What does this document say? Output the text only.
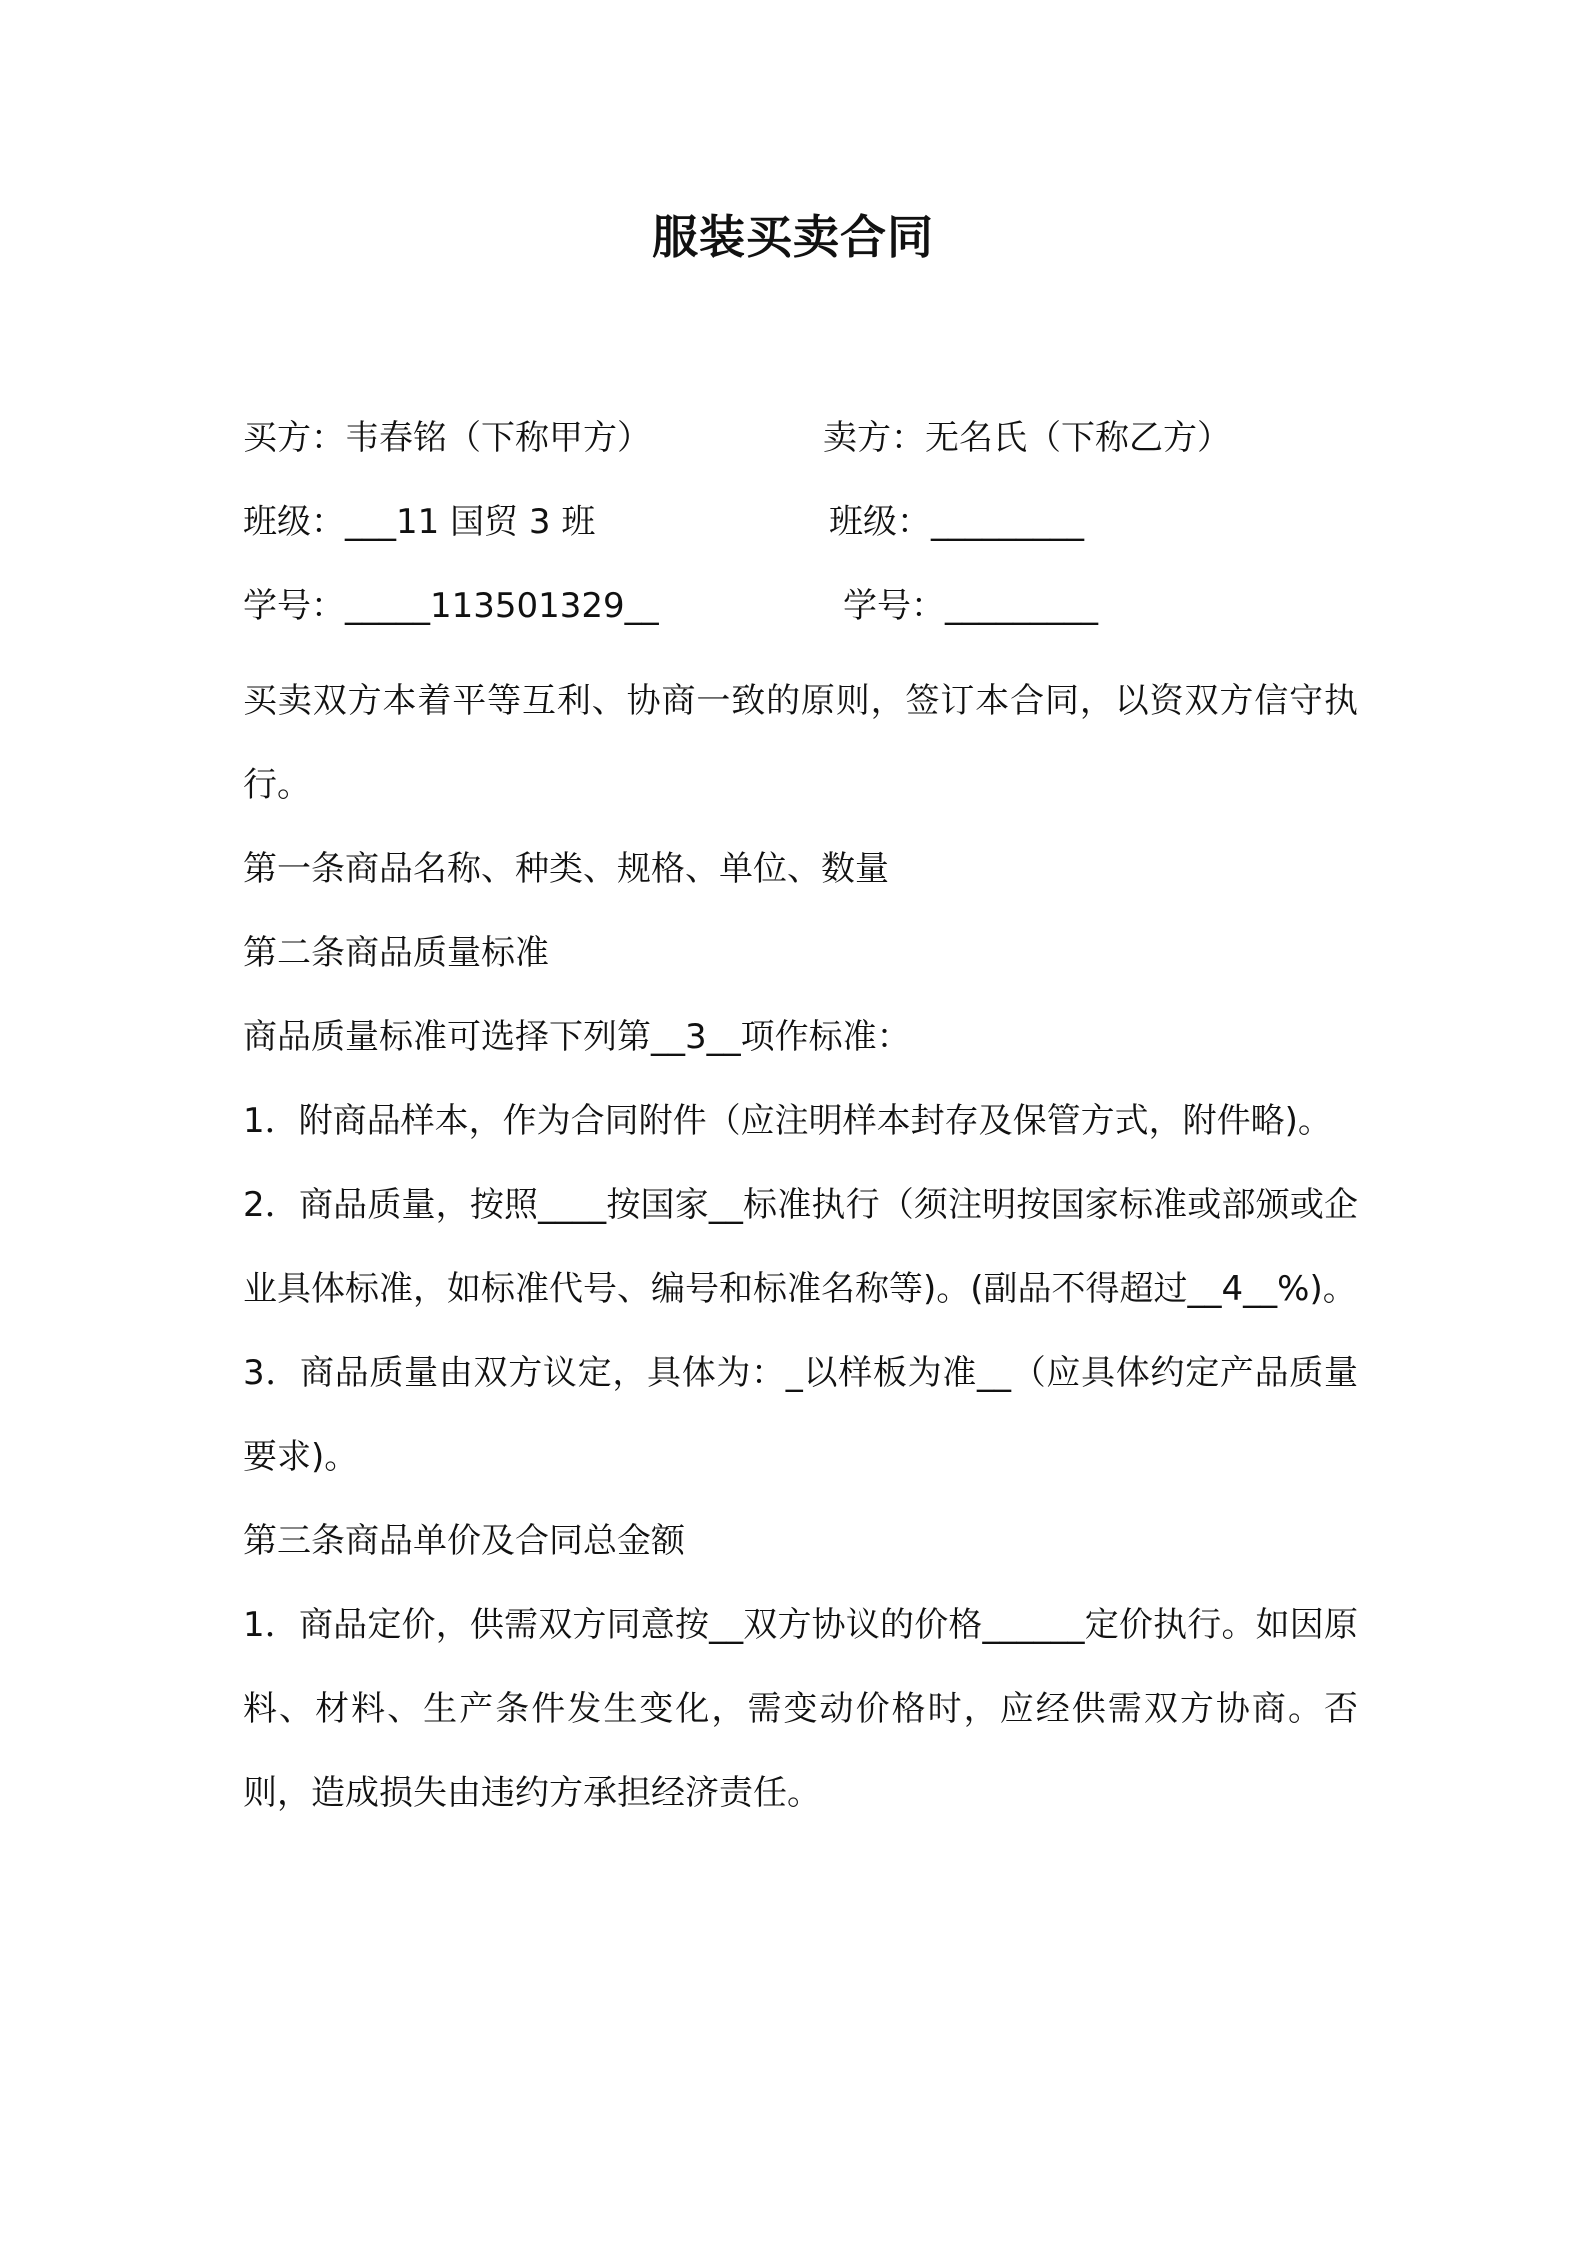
服装买卖合同
买方：韦春铭（下称甲方）	卖方：无名氏（下称乙方）
班级：___11 国贸 3 班	班级：_________
学号：_____113501329__	学号：_________

买卖双方本着平等互利、协商一致的原则，签订本合同，以资双方信守执行。

第一条商品名称、种类、规格、单位、数量

第二条商品质量标准

商品质量标准可选择下列第__3__项作标准：

1．附商品样本，作为合同附件（应注明样本封存及保管方式，附件略)。

2．商品质量，按照____按国家__标准执行（须注明按国家标准或部颁或企业具体标准，如标准代号、编号和标准名称等)。(副品不得超过__4__%)。

3．商品质量由双方议定，具体为：_以样板为准__（应具体约定产品质量要求)。

第三条商品单价及合同总金额

1．商品定价，供需双方同意按__双方协议的价格______定价执行。如因原料、材料、生产条件发生变化，需变动价格时，应经供需双方协商。否则，造成损失由违约方承担经济责任。
